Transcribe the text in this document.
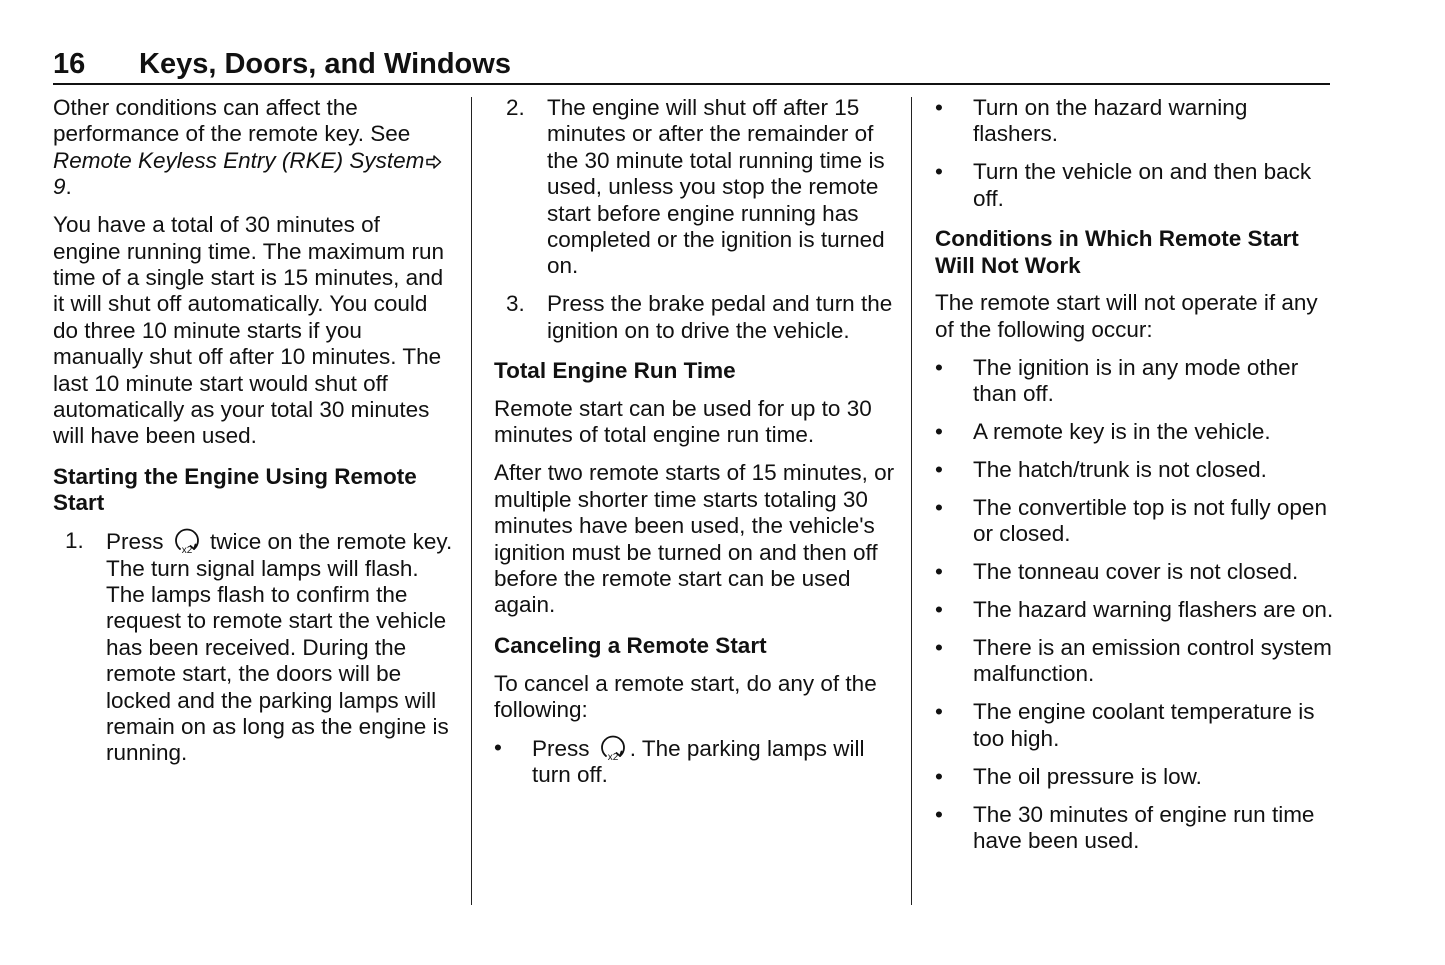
16 Keys, Doors, and Windows

Other conditions can affect the performance of the remote key. See Remote Keyless Entry (RKE) System9.

You have a total of 30 minutes of engine running time. The maximum run time of a single start is 15 minutes, and it will shut off automatically. You could do three 10 minute starts if you manually shut off after 10 minutes. The last 10 minute start would shut off automatically as your total 30 minutes will have been used.

Starting the Engine Using Remote Start
1. Press x2 twice on the remote key. The turn signal lamps will flash. The lamps flash to confirm the request to remote start the vehicle has been received. During the remote start, the doors will be locked and the parking lamps will remain on as long as the engine is running.
2. The engine will shut off after 15 minutes or after the remainder of the 30 minute total running time is used, unless you stop the remote start before engine running has completed or the ignition is turned on.
3. Press the brake pedal and turn the ignition on to drive the vehicle.
Total Engine Run Time

Remote start can be used for up to 30 minutes of total engine run time.

After two remote starts of 15 minutes, or multiple shorter time starts totaling 30 minutes have been used, the vehicle's ignition must be turned on and then off before the remote start can be used again.

Canceling a Remote Start

To cancel a remote start, do any of the following:

• Press x2 . The parking lamps will turn off.
• Turn on the hazard warning flashers.
• Turn the vehicle on and then back off.
Conditions in Which Remote Start Will Not Work

The remote start will not operate if any of the following occur:

• The ignition is in any mode other than off.
• A remote key is in the vehicle.
• The hatch/trunk is not closed.
• The convertible top is not fully open or closed.
• The tonneau cover is not closed.
• The hazard warning flashers are on.
• There is an emission control system malfunction.
• The engine coolant temperature is too high.
• The oil pressure is low.
• The 30 minutes of engine run time have been used.
